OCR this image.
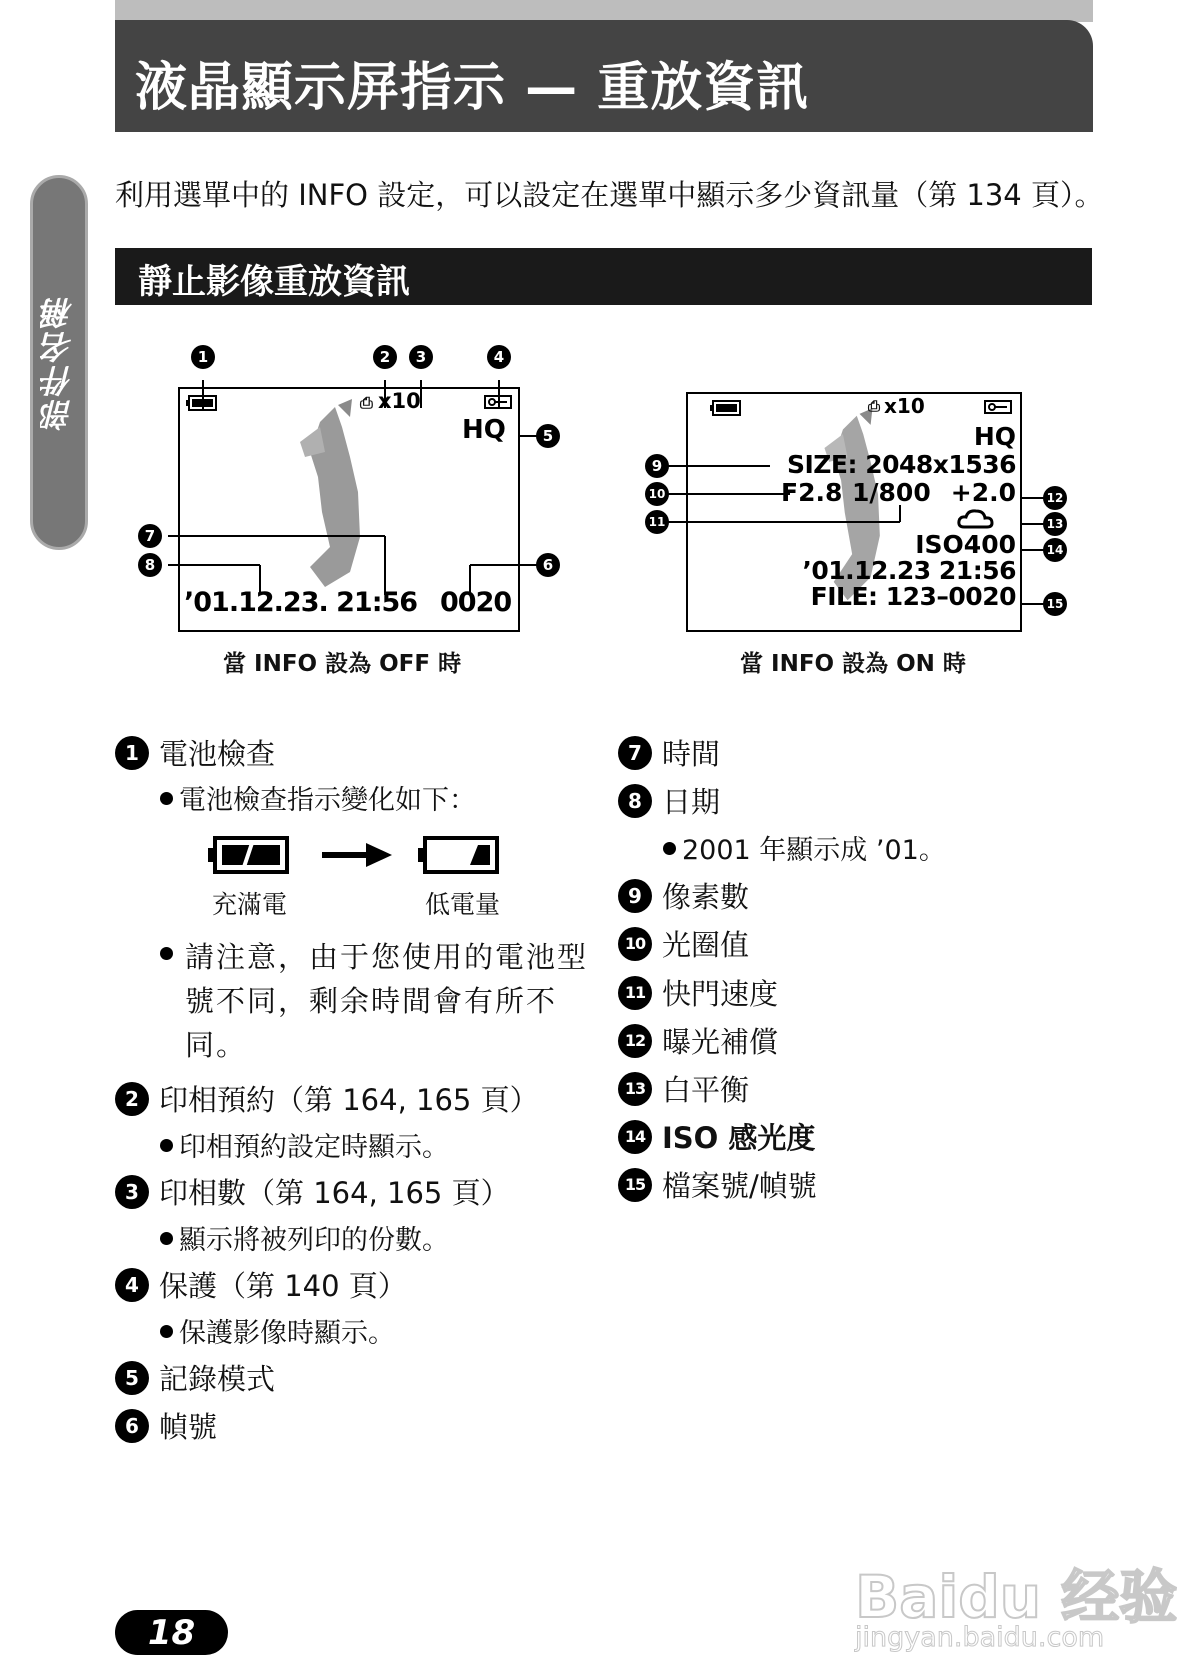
液晶顯示屏指示 — 重放資訊
部件名稱
利用選單中的 INFO 設定，可以設定在選單中顯示多少資訊量（第 134 頁）。
靜止影像重放資訊
⎙ x10
HQ
’01.12.23. 21:56 0020
1	2	3	4
5
7
8	6
當 INFO 設為 OFF 時
⎙ x10
HQ
SIZE: 2048x1536
F2.8 1/800 +2.0
ISO400
’01.12.23 21:56
FILE: 123–0020
9
10
11
12
13
14
15
當 INFO 設為 ON 時
1 電池檢查
電池檢查指示變化如下：
充滿電	低電量
請注意，由于您使用的電池型
號不同，剩余時間會有所不
同。
2 印相預約（第 164, 165 頁）
印相預約設定時顯示。
3 印相數（第 164, 165 頁）
顯示將被列印的份數。
4 保護（第 140 頁）
保護影像時顯示。
5 記錄模式
6 幀號
7 時間
8 日期
2001 年顯示成 ’01。
9 像素數
10 光圈值
11 快門速度
12 曝光補償
13 白平衡
14 ISO 感光度
15 檔案號/幀號
18
Baidu 经验
jingyan.baidu.com
